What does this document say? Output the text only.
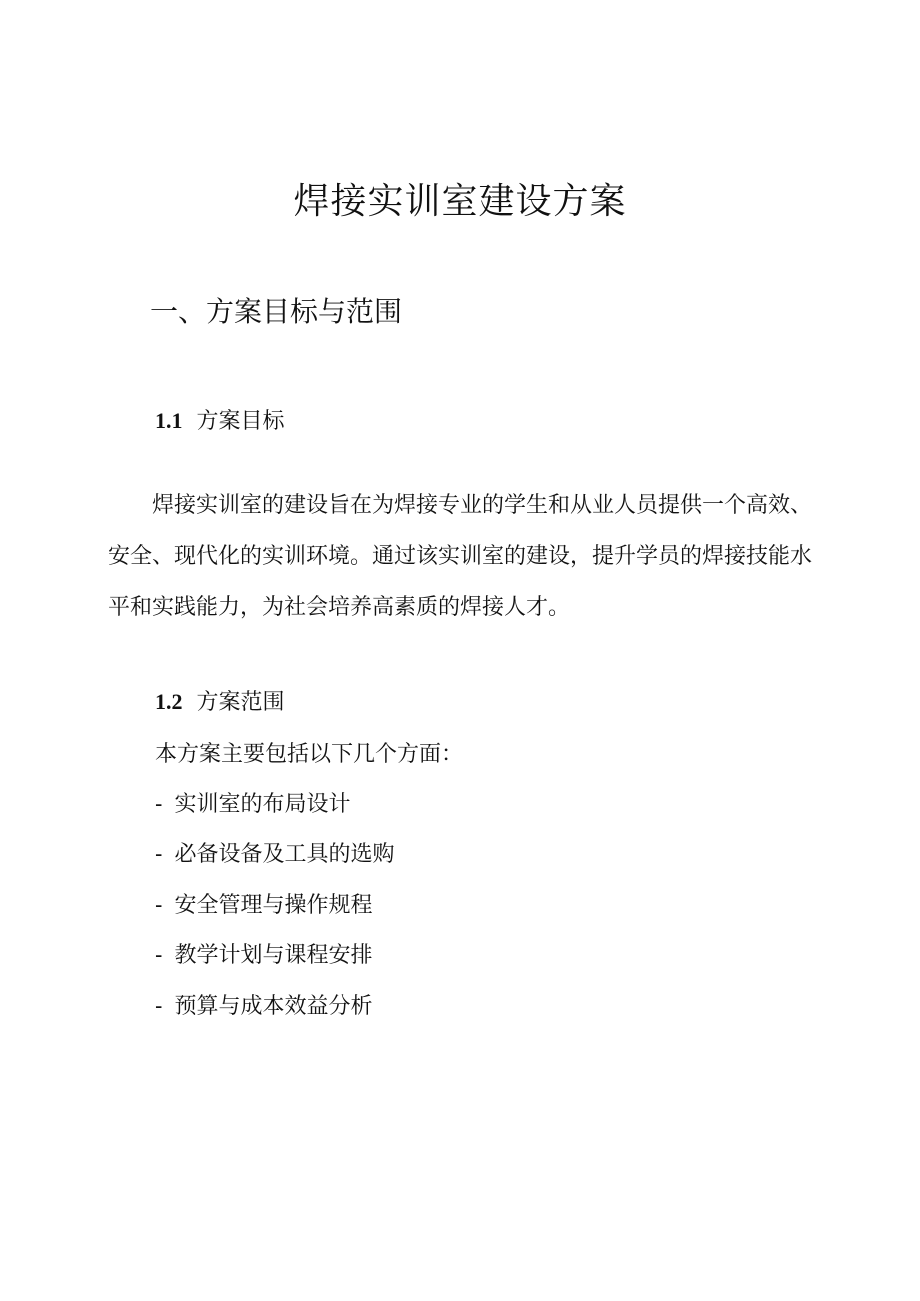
焊接实训室建设方案
一、方案目标与范围
1.1 方案目标

焊接实训室的建设旨在为焊接专业的学生和从业人员提供一个高效、安全、现代化的实训环境。通过该实训室的建设，提升学员的焊接技能水平和实践能力，为社会培养高素质的焊接人才。

1.2 方案范围

本方案主要包括以下几个方面：

- 实训室的布局设计
- 必备设备及工具的选购
- 安全管理与操作规程
- 教学计划与课程安排
- 预算与成本效益分析
